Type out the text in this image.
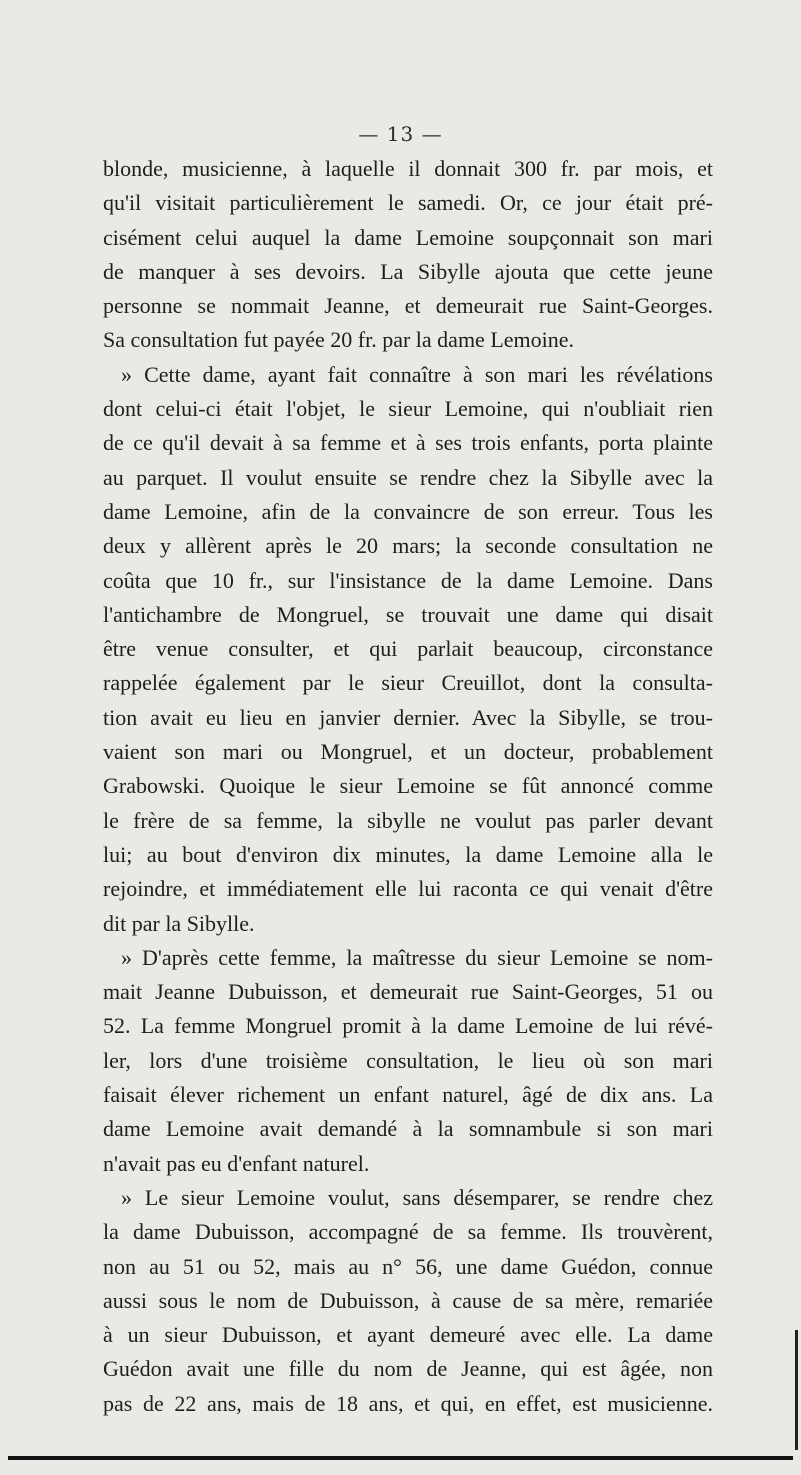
— 13 —
blonde, musicienne, à laquelle il donnait 300 fr. par mois, et
qu'il visitait particulièrement le samedi. Or, ce jour était pré-
cisément celui auquel la dame Lemoine soupçonnait son mari
de manquer à ses devoirs. La Sibylle ajouta que cette jeune
personne se nommait Jeanne, et demeurait rue Saint-Georges.
Sa consultation fut payée 20 fr. par la dame Lemoine.
» Cette dame, ayant fait connaître à son mari les révélations
dont celui-ci était l'objet, le sieur Lemoine, qui n'oubliait rien
de ce qu'il devait à sa femme et à ses trois enfants, porta plainte
au parquet. Il voulut ensuite se rendre chez la Sibylle avec la
dame Lemoine, afin de la convaincre de son erreur. Tous les
deux y allèrent après le 20 mars; la seconde consultation ne
coûta que 10 fr., sur l'insistance de la dame Lemoine. Dans
l'antichambre de Mongruel, se trouvait une dame qui disait
être venue consulter, et qui parlait beaucoup, circonstance
rappelée également par le sieur Creuillot, dont la consulta-
tion avait eu lieu en janvier dernier. Avec la Sibylle, se trou-
vaient son mari ou Mongruel, et un docteur, probablement
Grabowski. Quoique le sieur Lemoine se fût annoncé comme
le frère de sa femme, la sibylle ne voulut pas parler devant
lui; au bout d'environ dix minutes, la dame Lemoine alla le
rejoindre, et immédiatement elle lui raconta ce qui venait d'être
dit par la Sibylle.
» D'après cette femme, la maîtresse du sieur Lemoine se nom-
mait Jeanne Dubuisson, et demeurait rue Saint-Georges, 51 ou
52. La femme Mongruel promit à la dame Lemoine de lui révé-
ler, lors d'une troisième consultation, le lieu où son mari
faisait élever richement un enfant naturel, âgé de dix ans. La
dame Lemoine avait demandé à la somnambule si son mari
n'avait pas eu d'enfant naturel.
» Le sieur Lemoine voulut, sans désemparer, se rendre chez
la dame Dubuisson, accompagné de sa femme. Ils trouvèrent,
non au 51 ou 52, mais au n° 56, une dame Guédon, connue
aussi sous le nom de Dubuisson, à cause de sa mère, remariée
à un sieur Dubuisson, et ayant demeuré avec elle. La dame
Guédon avait une fille du nom de Jeanne, qui est âgée, non
pas de 22 ans, mais de 18 ans, et qui, en effet, est musicienne.
